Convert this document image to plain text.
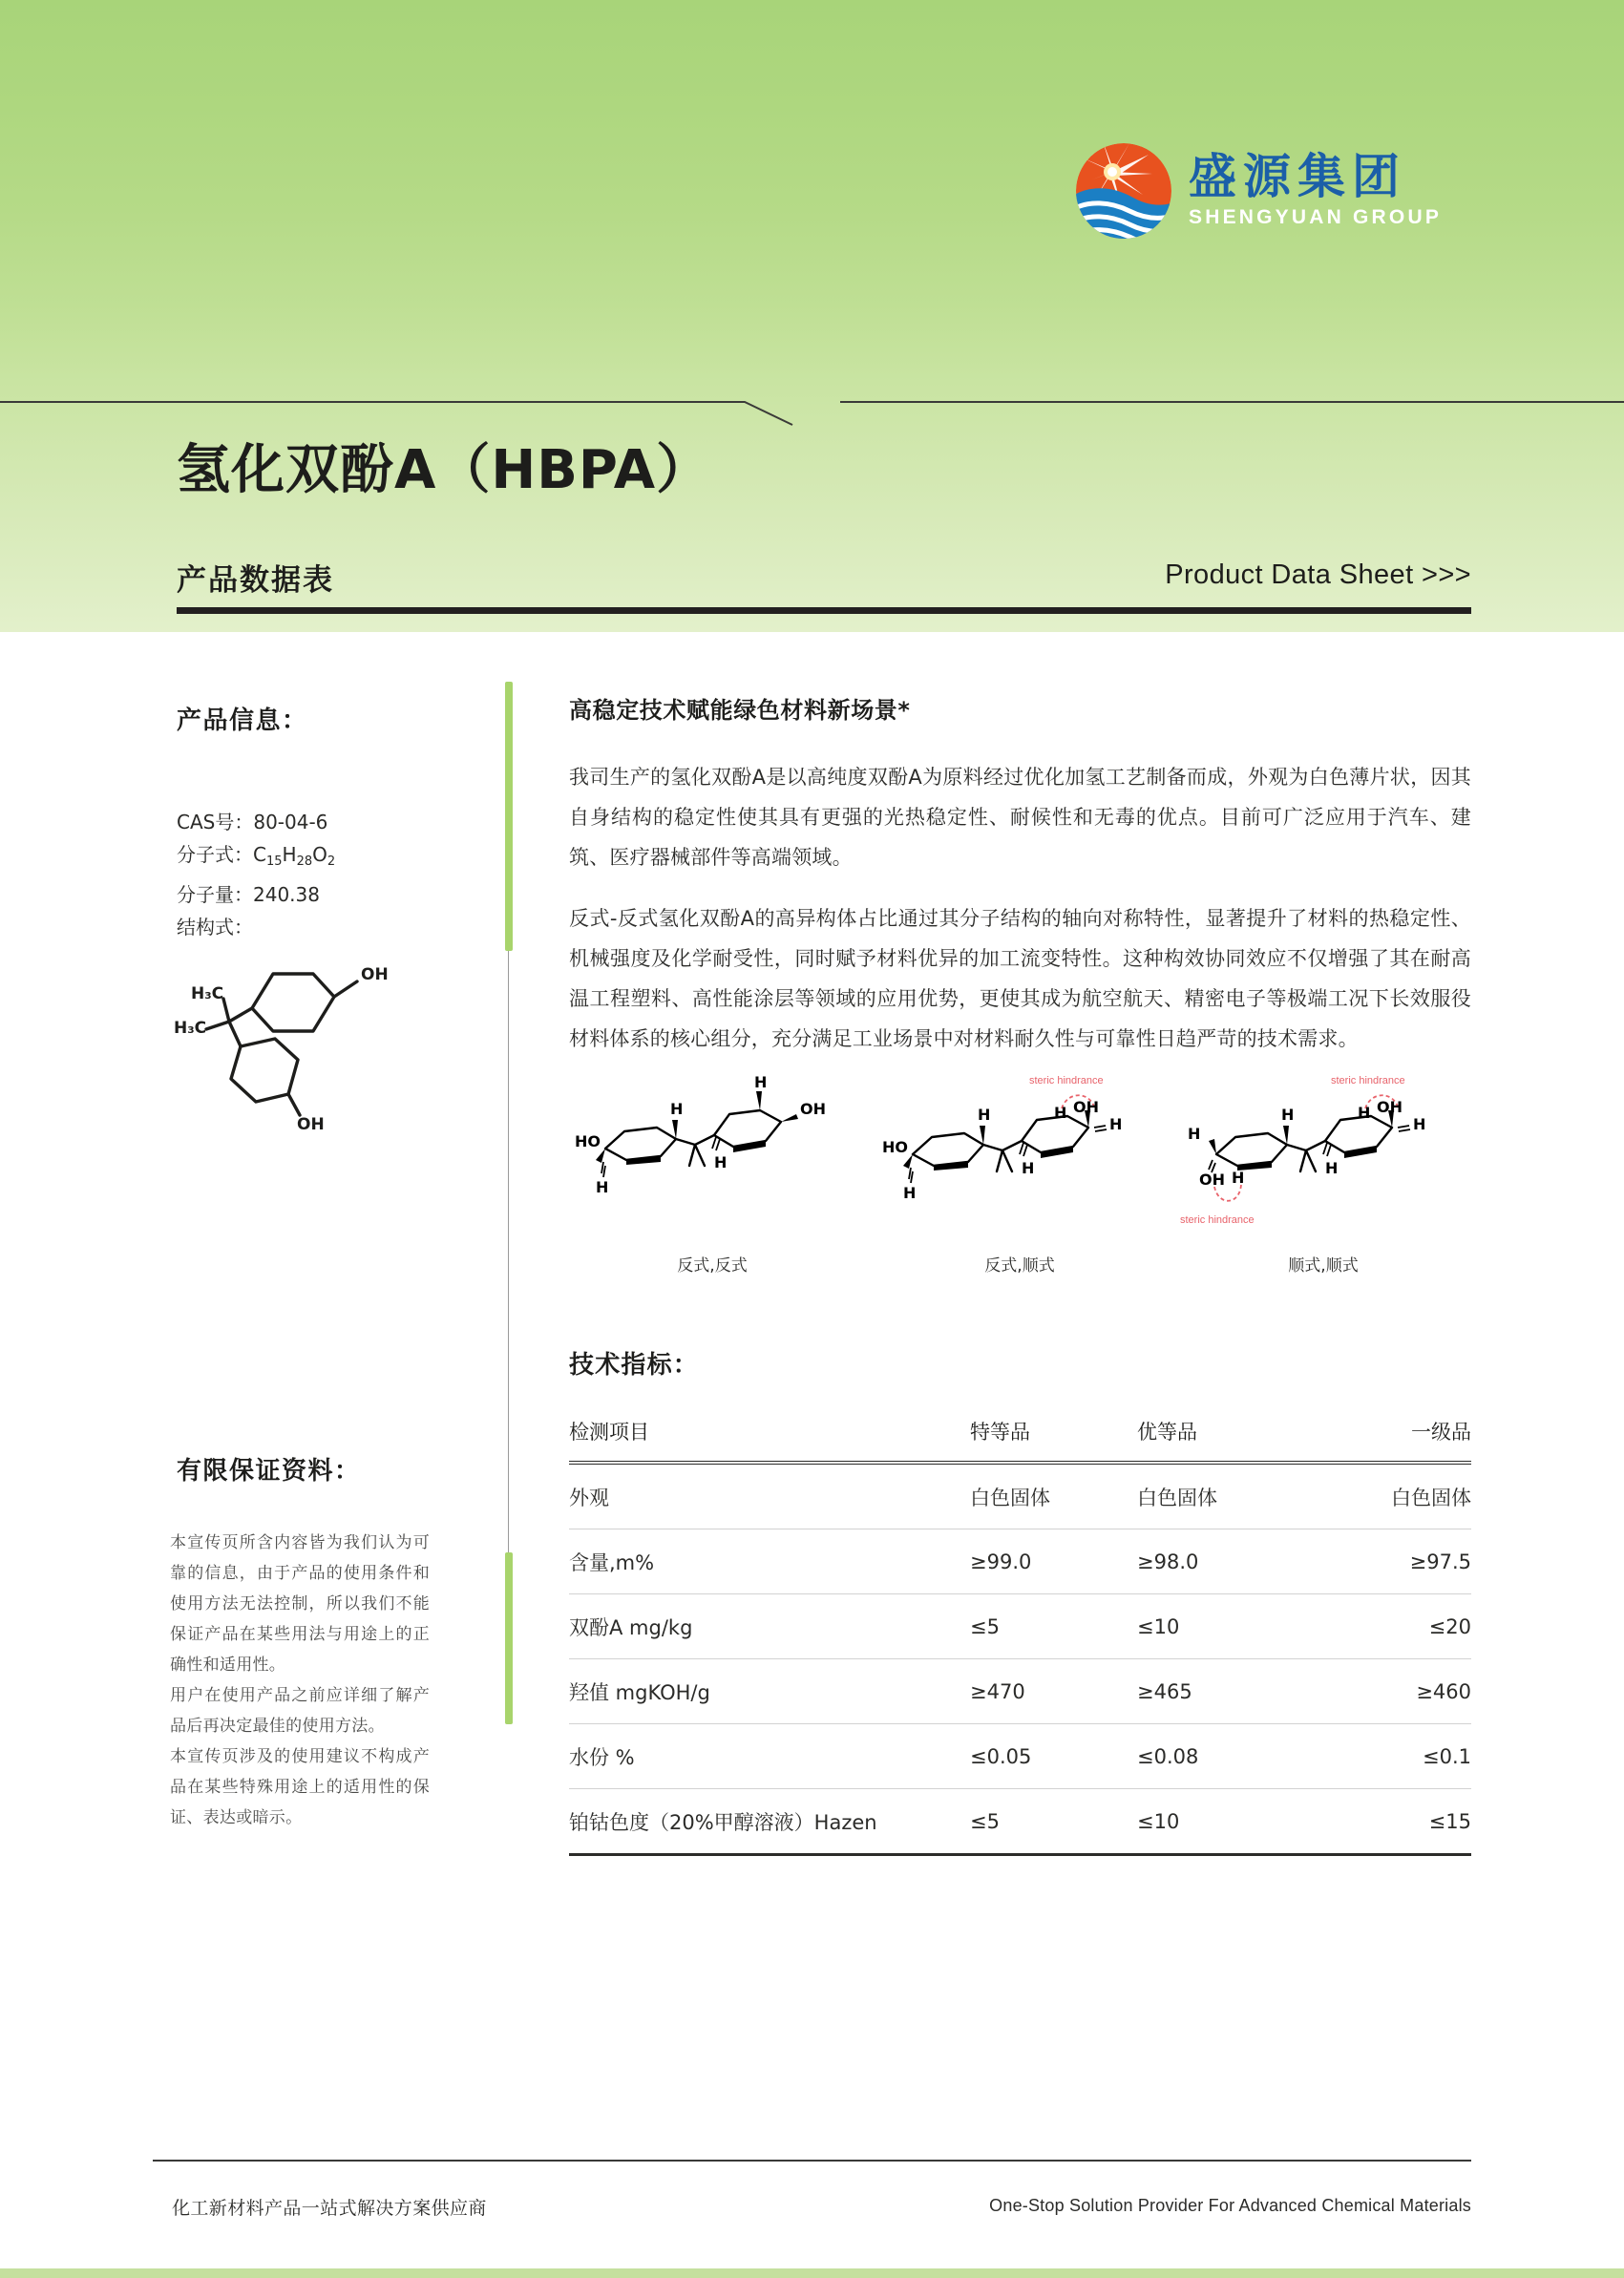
盛源集团
SHENGYUAN GROUP
氢化双酚A（HBPA）
产品数据表	Product Data Sheet >>>
产品信息：
CAS号：80-04-6
分子式：$C_{15}H_{28}O_2$
分子量：240.38
结构式：
OH
OH
H₃C
H₃C
有限保证资料：

本宣传页所含内容皆为我们认为可靠的信息，由于产品的使用条件和使用方法无法控制，所以我们不能保证产品在某些用法与用途上的正确性和适用性。

用户在使用产品之前应详细了解产品后再决定最佳的使用方法。

本宣传页涉及的使用建议不构成产品在某些特殊用途上的适用性的保证、表达或暗示。

高稳定技术赋能绿色材料新场景*
我司生产的氢化双酚A是以高纯度双酚A为原料经过优化加氢工艺制备而成，外观为白色薄片状，因其自身结构的稳定性使其具有更强的光热稳定性、耐候性和无毒的优点。目前可广泛应用于汽车、建筑、医疗器械部件等高端领域。
反式-反式氢化双酚A的高异构体占比通过其分子结构的轴向对称特性，显著提升了材料的热稳定性、机械强度及化学耐受性，同时赋予材料优异的加工流变特性。这种构效协同效应不仅增强了其在耐高温工程塑料、高性能涂层等领域的应用优势，更使其成为航空航天、精密电子等极端工况下长效服役材料体系的核心组分，充分满足工业场景中对材料耐久性与可靠性日趋严苛的技术需求。
HO
H
H
H
H
OH
反式,反式
HO
H
H
H
H OH
H
steric hindrance
反式,顺式
H
OH H
H
H
H OH
H
steric hindrance
steric hindrance
顺式,顺式
技术指标：
检测项目	特等品	优等品	一级品
外观	白色固体	白色固体	白色固体
含量,m%	≥99.0	≥98.0	≥97.5
双酚A mg/kg	≤5	≤10	≤20
羟值 mgKOH/g	≥470	≥465	≥460
水份 %	≤0.05	≤0.08	≤0.1
铂钴色度（20%甲醇溶液）Hazen	≤5	≤10	≤15
化工新材料产品一站式解决方案供应商	One-Stop Solution Provider For Advanced Chemical Materials
